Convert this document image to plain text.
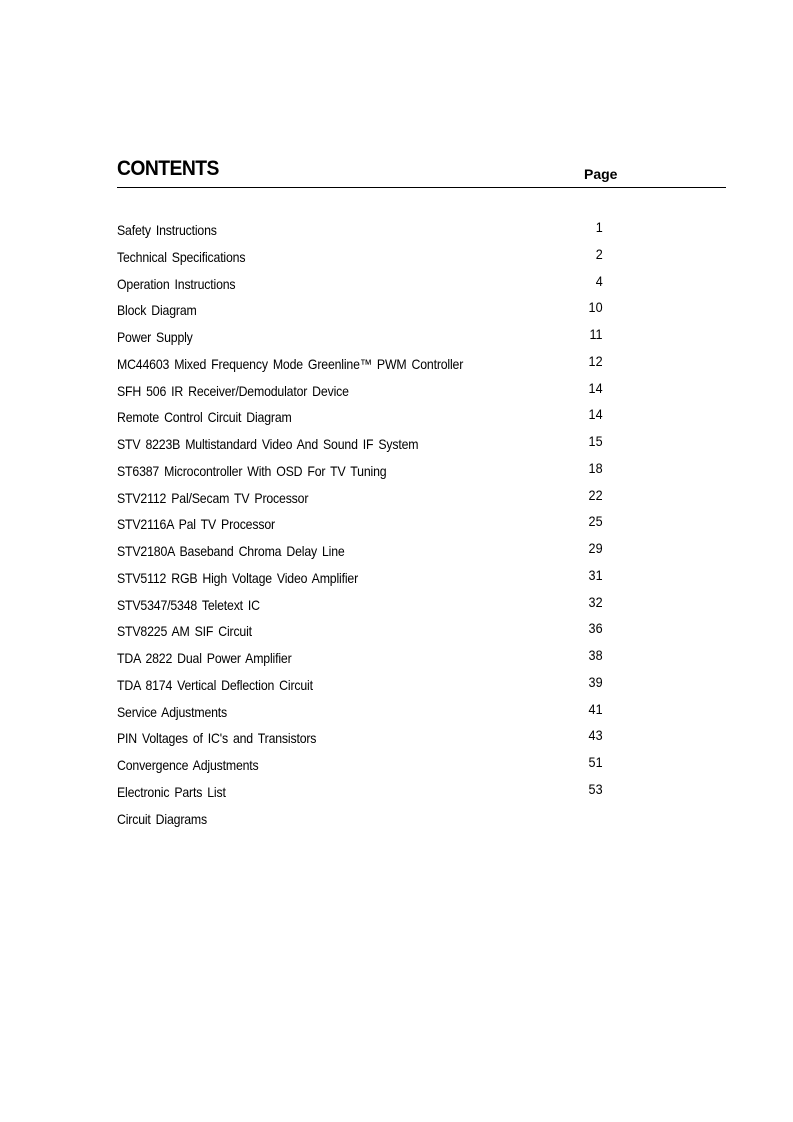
CONTENTS	Page
Safety Instructions	1
Technical Specifications	2
Operation Instructions	4
Block Diagram	10
Power Supply	11
MC44603 Mixed Frequency Mode Greenline™ PWM Controller	12
SFH 506 IR Receiver/Demodulator Device	14
Remote Control Circuit Diagram	14
STV 8223B Multistandard Video And Sound IF System	15
ST6387 Microcontroller With OSD For TV Tuning	18
STV2112 Pal/Secam TV Processor	22
STV2116A Pal TV Processor	25
STV2180A Baseband Chroma Delay Line	29
STV5112 RGB High Voltage Video Amplifier	31
STV5347/5348 Teletext IC	32
STV8225 AM SIF Circuit	36
TDA 2822 Dual Power Amplifier	38
TDA 8174 Vertical Deflection Circuit	39
Service Adjustments	41
PIN Voltages of IC's and Transistors	43
Convergence Adjustments	51
Electronic Parts List	53
Circuit Diagrams
